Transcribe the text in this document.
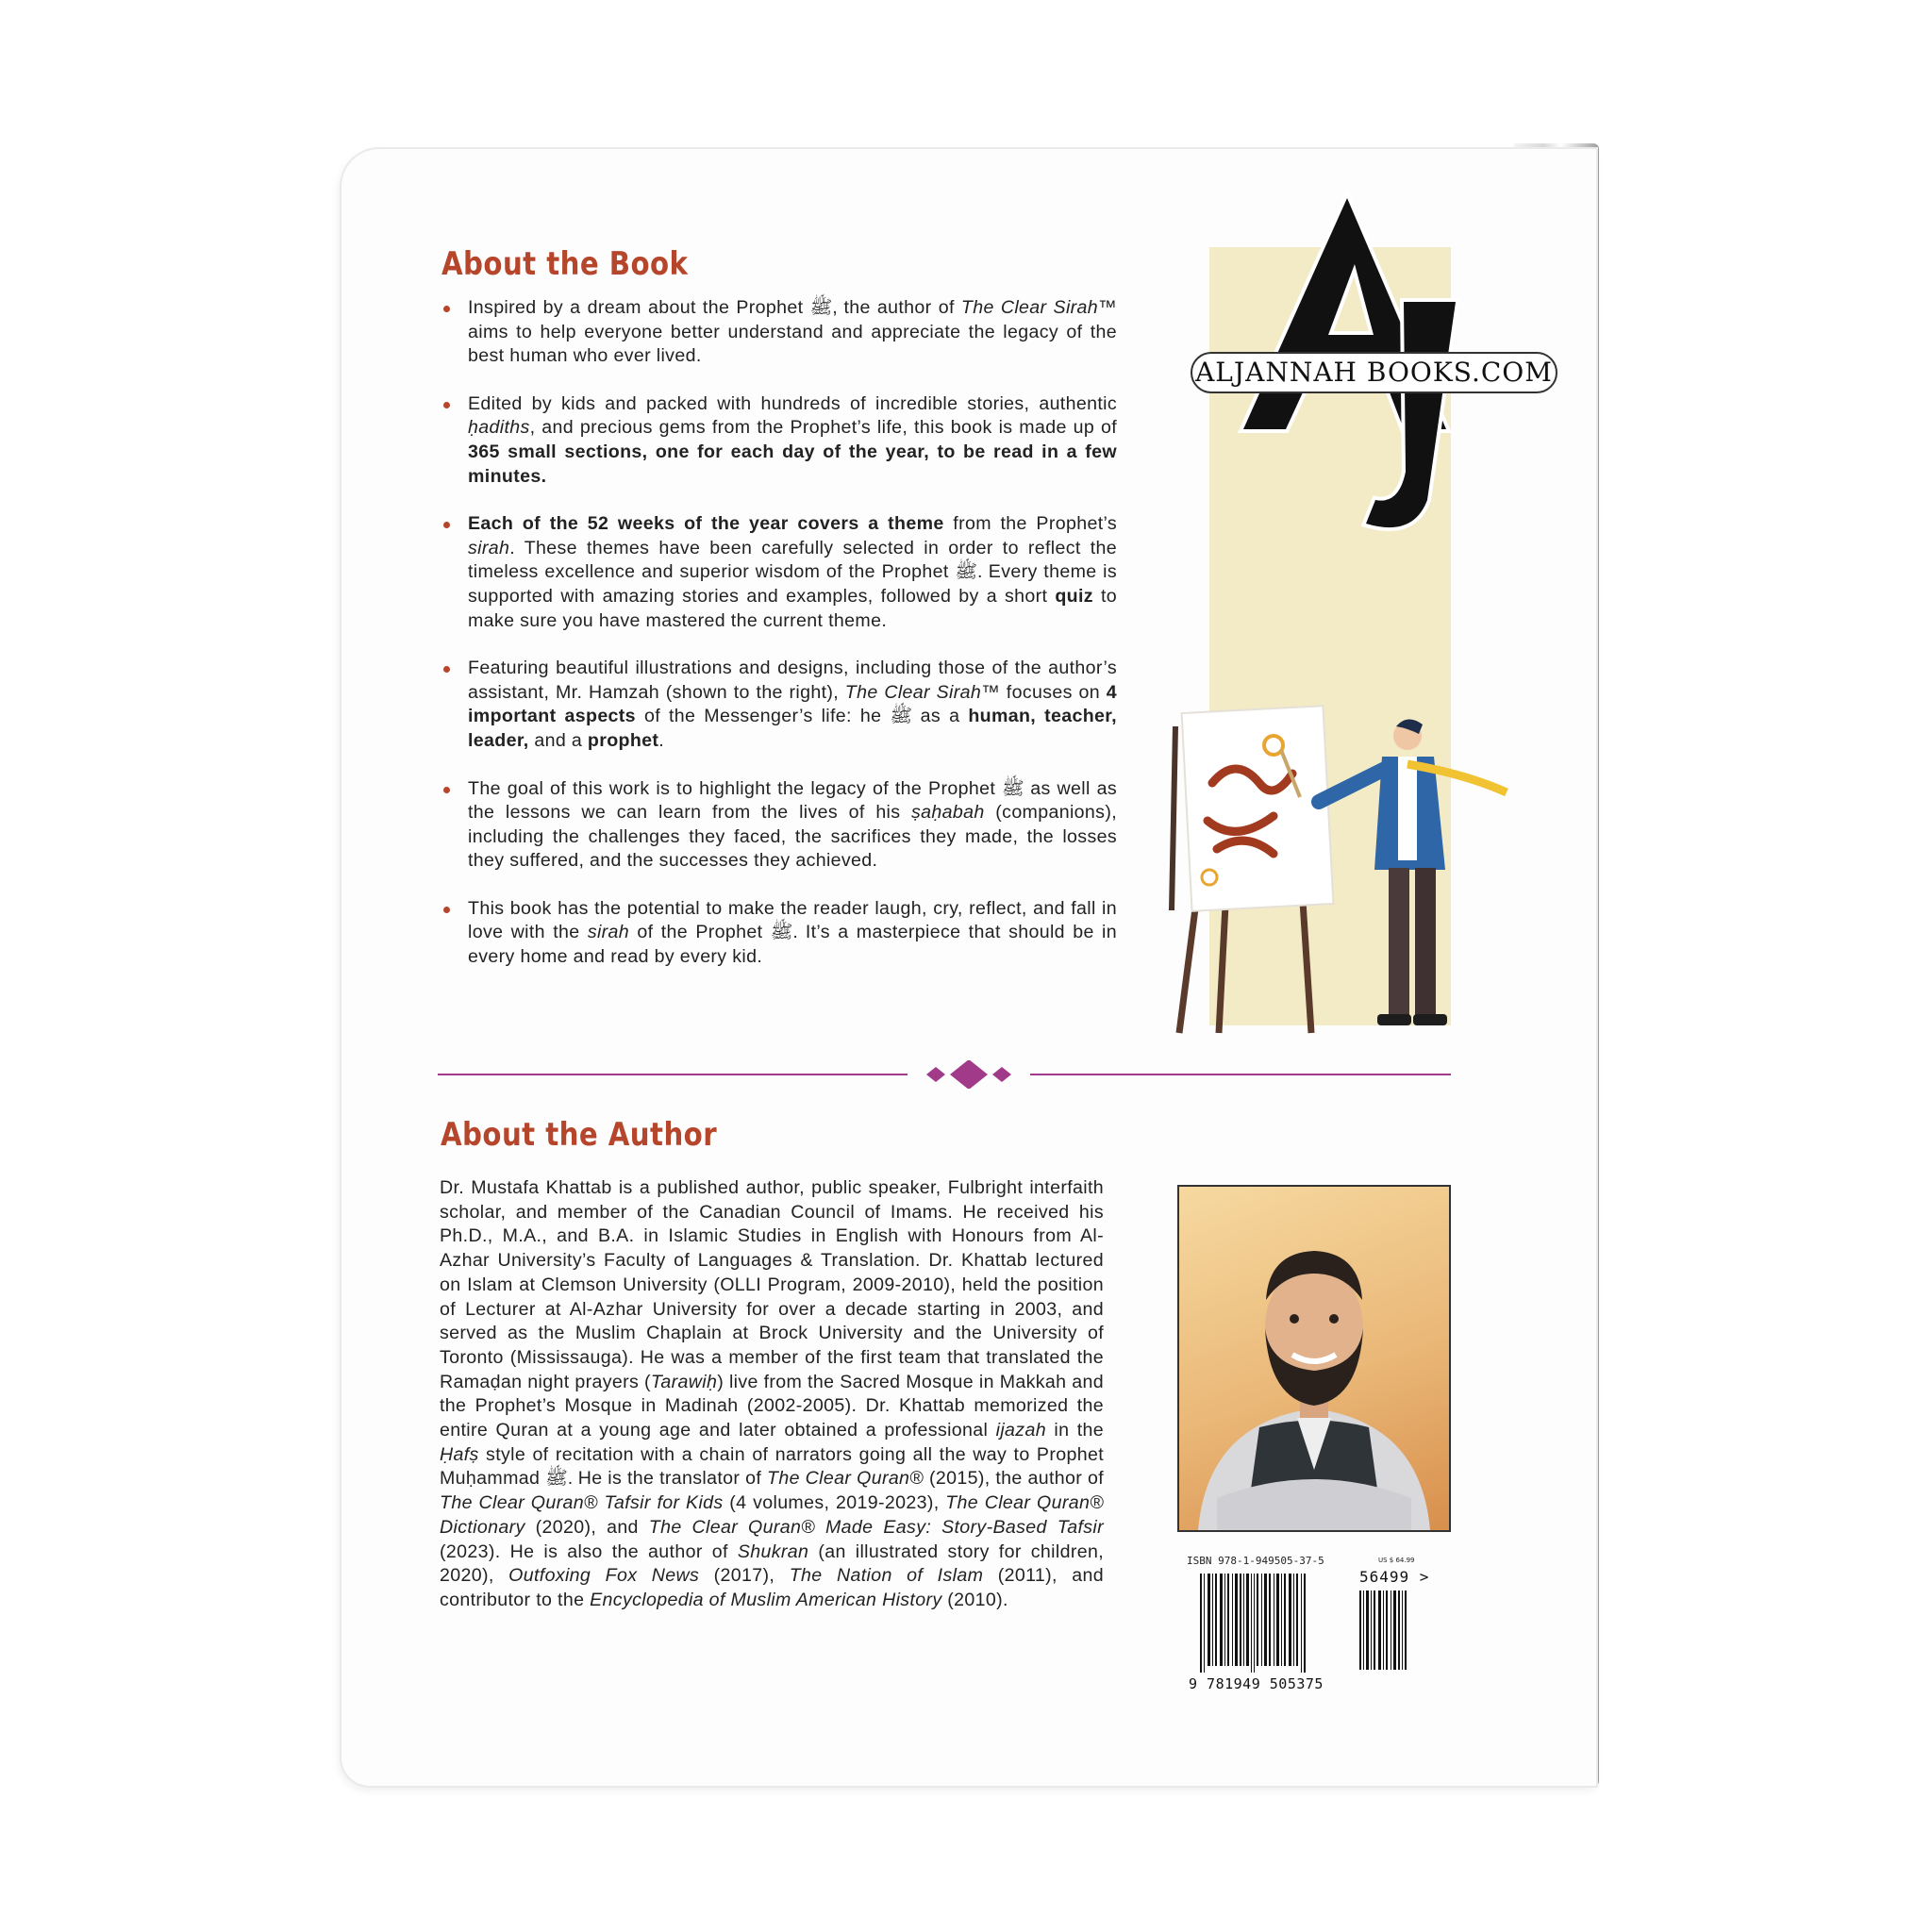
About the Book
Inspired by a dream about the Prophet ﷺ, the author of The Clear Sirah™ aims to help everyone better understand and appreciate the legacy of the best human who ever lived.
Edited by kids and packed with hundreds of incredible stories, authentic ḥadiths, and precious gems from the Prophet’s life, this book is made up of 365 small sections, one for each day of the year, to be read in a few minutes.
Each of the 52 weeks of the year covers a theme from the Prophet’s sirah. These themes have been carefully selected in order to reflect the timeless excellence and superior wisdom of the Prophet ﷺ. Every theme is supported with amazing stories and examples, followed by a short quiz to make sure you have mastered the current theme.
Featuring beautiful illustrations and designs, including those of the author’s assistant, Mr. Hamzah (shown to the right), The Clear Sirah™ focuses on 4 important aspects of the Messenger’s life: he ﷺ as a human, teacher, leader, and a prophet.
The goal of this work is to highlight the legacy of the Prophet ﷺ as well as the lessons we can learn from the lives of his ṣaḥabah (companions), including the challenges they faced, the sacrifices they made, the losses they suffered, and the successes they achieved.
This book has the potential to make the reader laugh, cry, reflect, and fall in love with the sirah of the Prophet ﷺ. It’s a masterpiece that should be in every home and read by every kid.
ALJANNAH BOOKS.COM
About the Author

Dr. Mustafa Khattab is a published author, public speaker, Fulbright interfaith scholar, and member of the Canadian Council of Imams. He received his Ph.D., M.A., and B.A. in Islamic Studies in English with Honours from Al-Azhar University’s Faculty of Languages & Translation. Dr. Khattab lectured on Islam at Clemson University (OLLI Program, 2009-2010), held the position of Lecturer at Al-Azhar University for over a decade starting in 2003, and served as the Muslim Chaplain at Brock University and the University of Toronto (Mississauga). He was a member of the first team that translated the Ramaḍan night prayers (Tarawiḥ) live from the Sacred Mosque in Makkah and the Prophet’s Mosque in Madinah (2002-2005). Dr. Khattab memorized the entire Quran at a young age and later obtained a professional ijazah in the Ḥafṣ style of recitation with a chain of narrators going all the way to Prophet Muḥammad ﷺ. He is the translator of The Clear Quran® (2015), the author of The Clear Quran® Tafsir for Kids (4 volumes, 2019-2023), The Clear Quran® Dictionary (2020), and The Clear Quran® Made Easy: Story-Based Tafsir (2023). He is also the author of Shukran (an illustrated story for children, 2020), Outfoxing Fox News (2017), The Nation of Islam (2011), and contributor to the Encyclopedia of Muslim American History (2010).

ISBN 978-1-949505-37-5	US $ 64.99
56499 >
9 781949 505375
